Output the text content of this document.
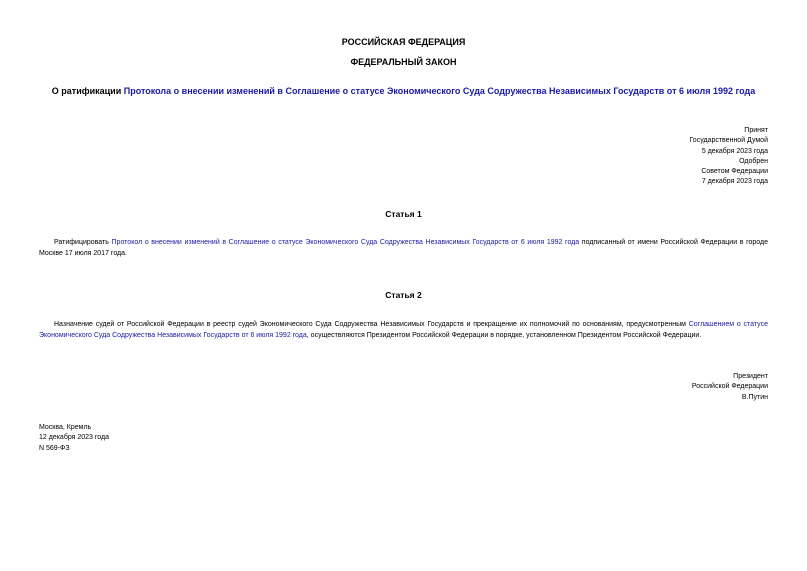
РОССИЙСКАЯ ФЕДЕРАЦИЯ
ФЕДЕРАЛЬНЫЙ ЗАКОН
О ратификации Протокола о внесении изменений в Соглашение о статусе Экономического Суда Содружества Независимых Государств от 6 июля 1992 года
Принят
Государственной Думой
5 декабря 2023 года
Одобрен
Советом Федерации
7 декабря 2023 года
Статья 1
Ратифицировать Протокол о внесении изменений в Соглашение о статусе Экономического Суда Содружества Независимых Государств от 6 июля 1992 года подписанный от имени Российской Федерации в городе Москве 17 июля 2017 года.
Статья 2
Назначение судей от Российской Федерации в реестр судей Экономического Суда Содружества Независимых Государств и прекращение их полномочий по основаниям, предусмотренным Соглашением о статусе Экономического Суда Содружества Независимых Государств от 6 июля 1992 года, осуществляются Президентом Российской Федерации в порядке, установленном Президентом Российской Федерации.
Президент
Российской Федерации
В.Путин
Москва, Кремль
12 декабря 2023 года
N 569-ФЗ
